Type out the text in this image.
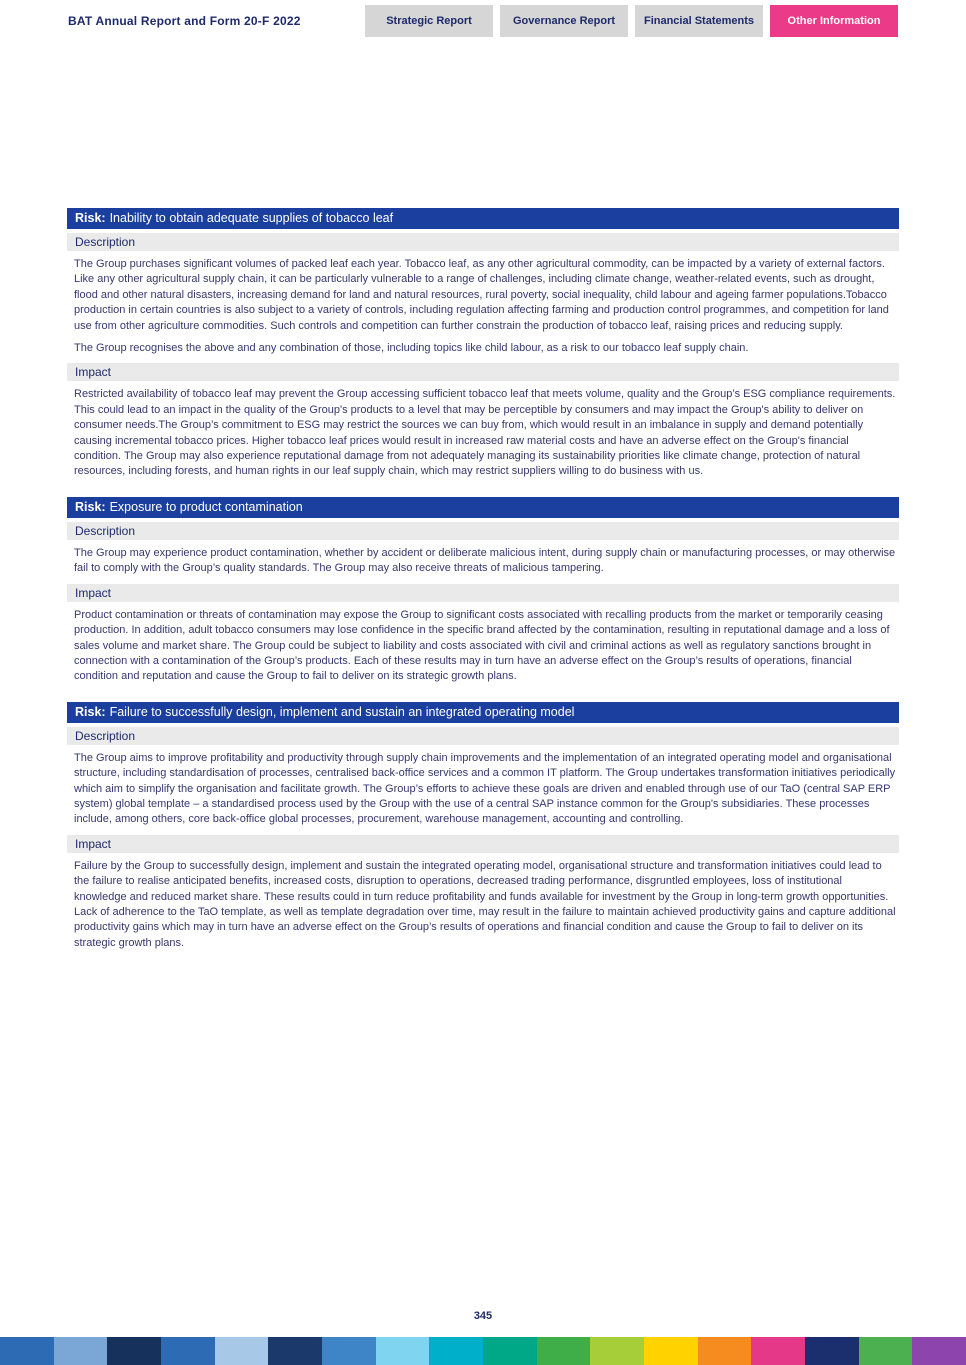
BAT Annual Report and Form 20-F 2022	Strategic Report	Governance Report	Financial Statements	Other Information
Risk: Inability to obtain adequate supplies of tobacco leaf
Description

The Group purchases significant volumes of packed leaf each year. Tobacco leaf, as any other agricultural commodity, can be impacted by a variety of external factors. Like any other agricultural supply chain, it can be particularly vulnerable to a range of challenges, including climate change, weather-related events, such as drought, flood and other natural disasters, increasing demand for land and natural resources, rural poverty, social inequality, child labour and ageing farmer populations.Tobacco production in certain countries is also subject to a variety of controls, including regulation affecting farming and production control programmes, and competition for land use from other agriculture commodities. Such controls and competition can further constrain the production of tobacco leaf, raising prices and reducing supply.

The Group recognises the above and any combination of those, including topics like child labour, as a risk to our tobacco leaf supply chain.

Impact

Restricted availability of tobacco leaf may prevent the Group accessing sufficient tobacco leaf that meets volume, quality and the Group’s ESG compliance requirements. This could lead to an impact in the quality of the Group's products to a level that may be perceptible by consumers and may impact the Group's ability to deliver on consumer needs.The Group’s commitment to ESG may restrict the sources we can buy from, which would result in an imbalance in supply and demand potentially causing incremental tobacco prices. Higher tobacco leaf prices would result in increased raw material costs and have an adverse effect on the Group's financial condition. The Group may also experience reputational damage from not adequately managing its sustainability priorities like climate change, protection of natural resources, including forests, and human rights in our leaf supply chain, which may restrict suppliers willing to do business with us.

Risk: Exposure to product contamination
Description

The Group may experience product contamination, whether by accident or deliberate malicious intent, during supply chain or manufacturing processes, or may otherwise fail to comply with the Group’s quality standards. The Group may also receive threats of malicious tampering.

Impact

Product contamination or threats of contamination may expose the Group to significant costs associated with recalling products from the market or temporarily ceasing production. In addition, adult tobacco consumers may lose confidence in the specific brand affected by the contamination, resulting in reputational damage and a loss of sales volume and market share. The Group could be subject to liability and costs associated with civil and criminal actions as well as regulatory sanctions brought in connection with a contamination of the Group’s products. Each of these results may in turn have an adverse effect on the Group’s results of operations, financial condition and reputation and cause the Group to fail to deliver on its strategic growth plans.

Risk: Failure to successfully design, implement and sustain an integrated operating model
Description

The Group aims to improve profitability and productivity through supply chain improvements and the implementation of an integrated operating model and organisational structure, including standardisation of processes, centralised back-office services and a common IT platform. The Group undertakes transformation initiatives periodically which aim to simplify the organisation and facilitate growth. The Group’s efforts to achieve these goals are driven and enabled through use of our TaO (central SAP ERP system) global template – a standardised process used by the Group with the use of a central SAP instance common for the Group's subsidiaries. These processes include, among others, core back-office global processes, procurement, warehouse management, accounting and controlling.

Impact

Failure by the Group to successfully design, implement and sustain the integrated operating model, organisational structure and transformation initiatives could lead to the failure to realise anticipated benefits, increased costs, disruption to operations, decreased trading performance, disgruntled employees, loss of institutional knowledge and reduced market share. These results could in turn reduce profitability and funds available for investment by the Group in long-term growth opportunities. Lack of adherence to the TaO template, as well as template degradation over time, may result in the failure to maintain achieved productivity gains and capture additional productivity gains which may in turn have an adverse effect on the Group’s results of operations and financial condition and cause the Group to fail to deliver on its strategic growth plans.

345
